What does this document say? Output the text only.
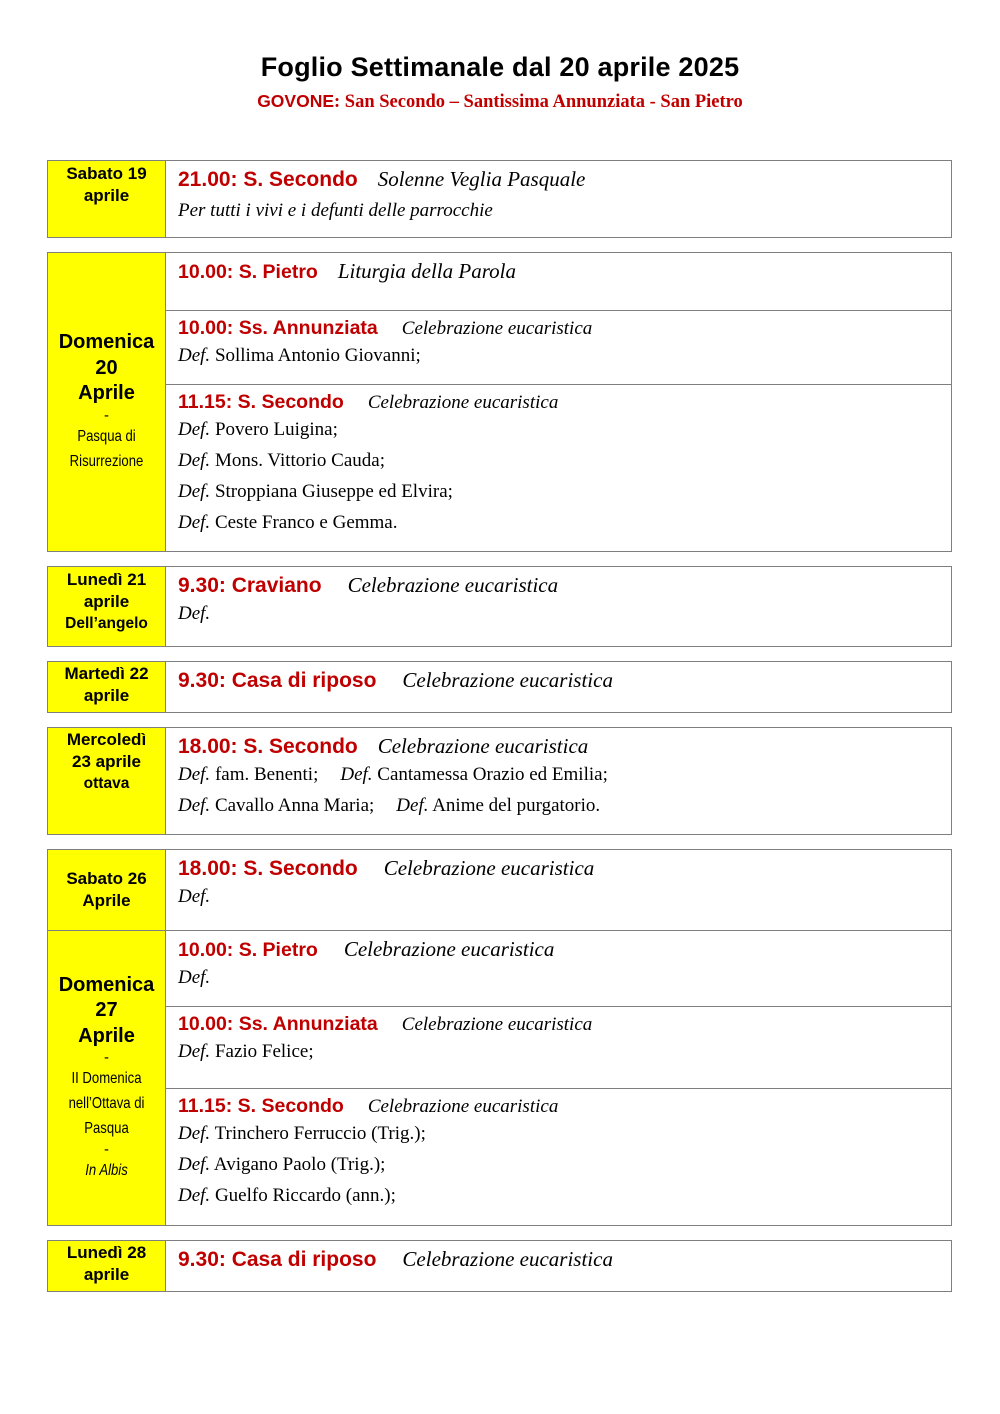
Foglio Settimanale dal 20 aprile 2025
GOVONE: San Secondo – Santissima Annunziata - San Pietro
Sabato 19
aprile
21.00: S. Secondo Solenne Veglia Pasquale
Per tutti i vivi e i defunti delle parrocchie
Domenica
20
Aprile
-
Pasqua di
Risurrezione
10.00: S. Pietro Liturgia della Parola
10.00: Ss. Annunziata Celebrazione eucaristica
Def. Sollima Antonio Giovanni;
11.15: S. Secondo Celebrazione eucaristica
Def. Povero Luigina;
Def. Mons. Vittorio Cauda;
Def. Stroppiana Giuseppe ed Elvira;
Def. Ceste Franco e Gemma.
Lunedì 21
aprile
Dell’angelo
9.30: Craviano Celebrazione eucaristica
Def.
Martedì 22
aprile
9.30: Casa di riposo Celebrazione eucaristica
Mercoledì
23 aprile
ottava
18.00: S. Secondo Celebrazione eucaristica
Def. fam. Benenti; Def. Cantamessa Orazio ed Emilia;
Def. Cavallo Anna Maria; Def. Anime del purgatorio.
Sabato 26
Aprile
18.00: S. Secondo Celebrazione eucaristica
Def.
Domenica
27
Aprile
-
II Domenica
nell’Ottava di
Pasqua
-
In Albis
10.00: S. Pietro Celebrazione eucaristica
Def.
10.00: Ss. Annunziata Celebrazione eucaristica
Def. Fazio Felice;
11.15: S. Secondo Celebrazione eucaristica
Def. Trinchero Ferruccio (Trig.);
Def. Avigano Paolo (Trig.);
Def. Guelfo Riccardo (ann.);
Lunedì 28
aprile
9.30: Casa di riposo Celebrazione eucaristica
